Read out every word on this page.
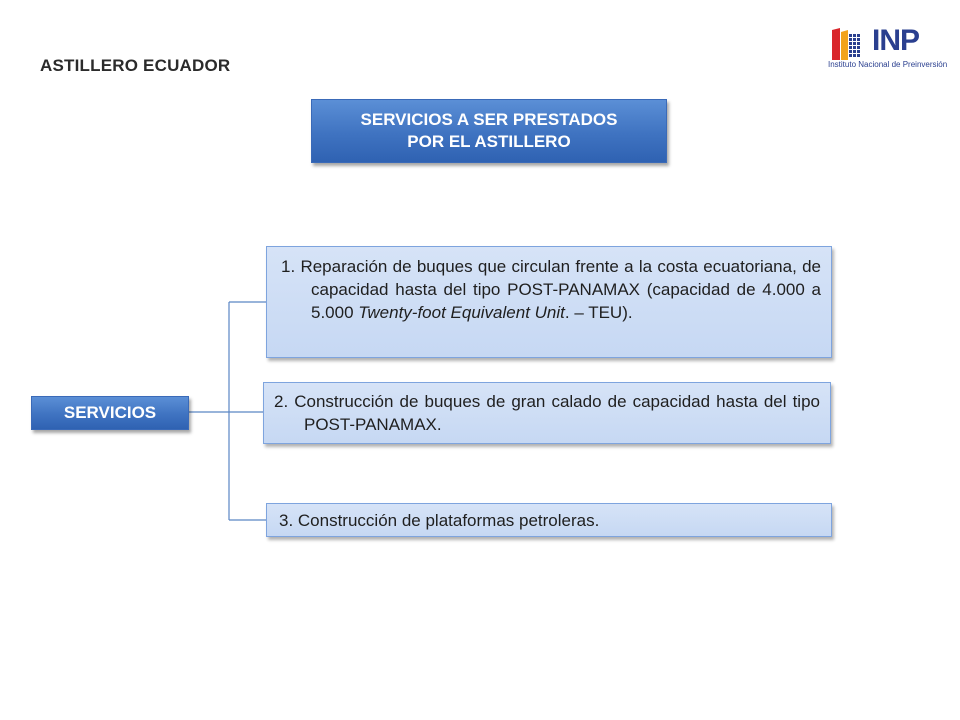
ASTILLERO ECUADOR
INP
Instituto Nacional de Preinversión
SERVICIOS A SER PRESTADOS
POR EL ASTILLERO
SERVICIOS
1. Reparación de buques que circulan frente a la costa ecuatoriana, de capacidad hasta del tipo POST-PANAMAX (capacidad de 4.000 a 5.000 Twenty-foot Equivalent Unit. – TEU).
2. Construcción de buques de gran calado de capacidad hasta del tipo POST-PANAMAX.
3. Construcción de plataformas petroleras.
